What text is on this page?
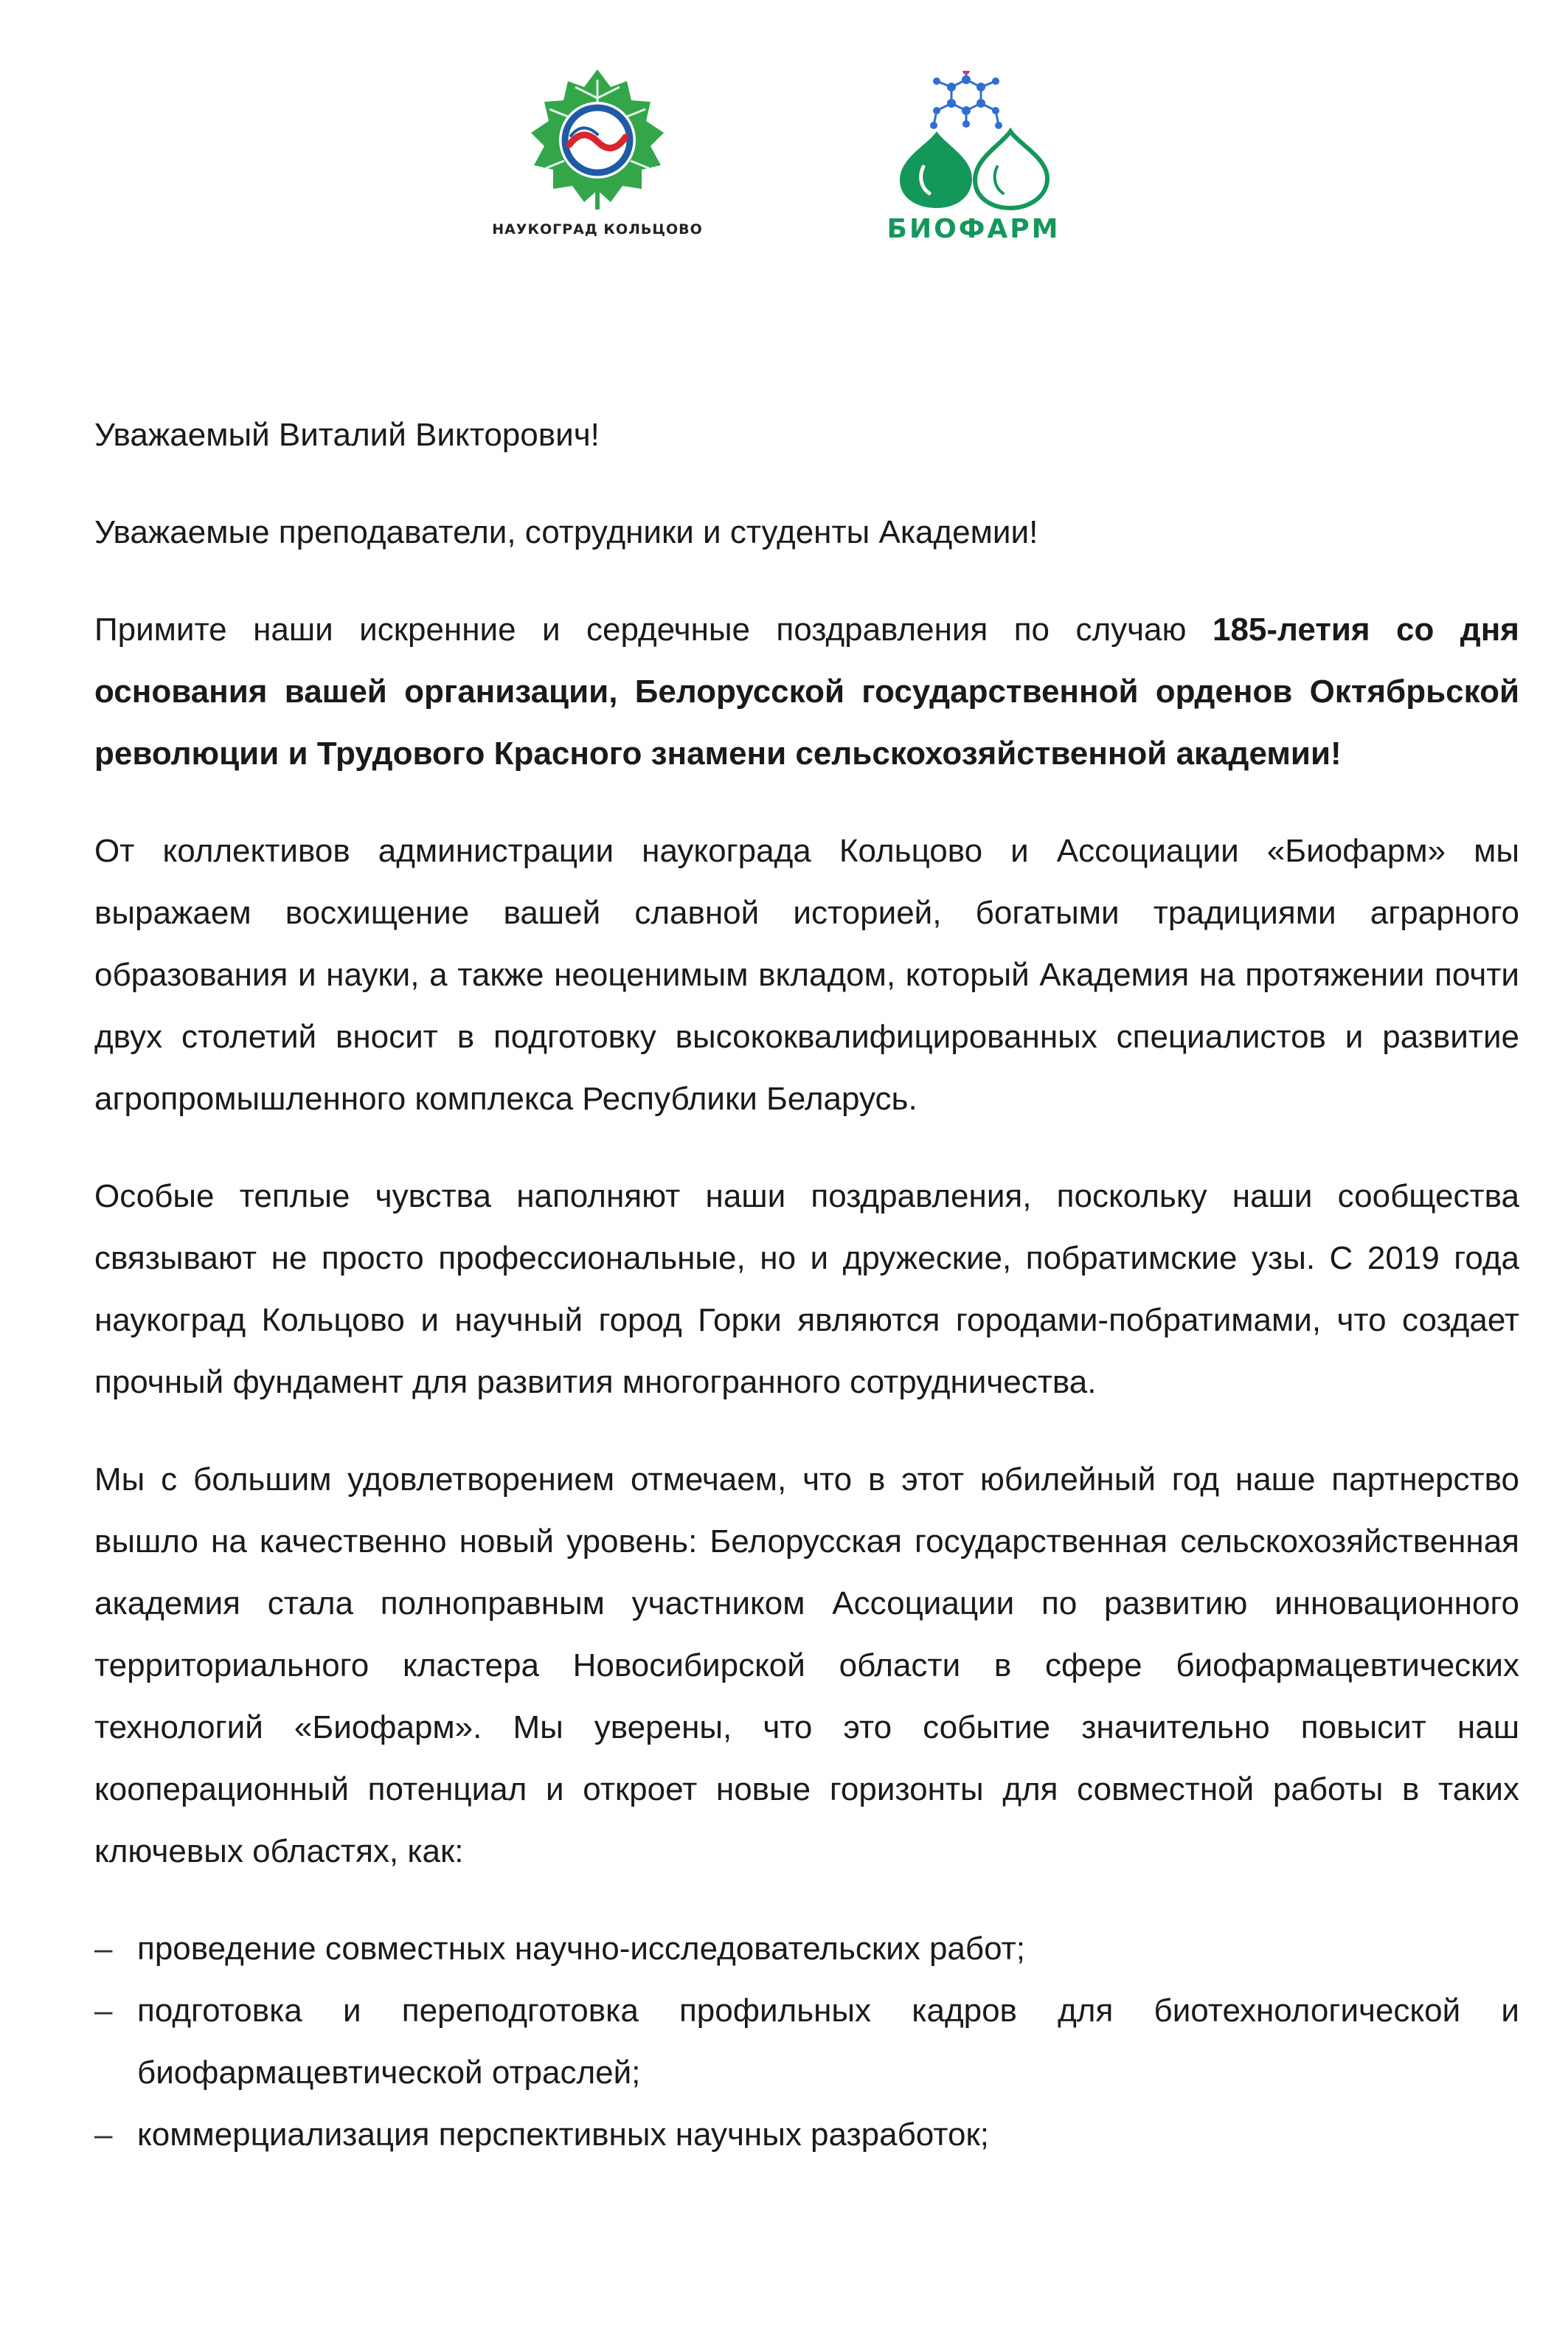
НАУКОГРАД КОЛЬЦОВО	БИОФАРМ

Уважаемый Виталий Викторович!

Уважаемые преподаватели, сотрудники и студенты Академии!

Примите наши искренние и сердечные поздравления по случаю 185-летия со дня основания вашей организации, Белорусской государственной орденов Октябрьской революции и Трудового Красного знамени сельскохозяйственной академии!

От коллективов администрации наукограда Кольцово и Ассоциации «Биофарм» мы выражаем восхищение вашей славной историей, богатыми традициями аграрного образования и науки, а также неоценимым вкладом, который Академия на протяжении почти двух столетий вносит в подготовку высококвалифицированных специалистов и развитие агропромышленного комплекса Республики Беларусь.

Особые теплые чувства наполняют наши поздравления, поскольку наши сообщества связывают не просто профессиональные, но и дружеские, побратимские узы. С 2019 года наукоград Кольцово и научный город Горки являются городами-побратимами, что создает прочный фундамент для развития многогранного сотрудничества.

Мы с большим удовлетворением отмечаем, что в этот юбилейный год наше партнерство вышло на качественно новый уровень: Белорусская государственная сельскохозяйственная академия стала полноправным участником Ассоциации по развитию инновационного территориального кластера Новосибирской области в сфере биофармацевтических технологий «Биофарм». Мы уверены, что это событие значительно повысит наш кооперационный потенциал и откроет новые горизонты для совместной работы в таких ключевых областях, как:

– проведение совместных научно-исследовательских работ;
– подготовка и переподготовка профильных кадров для биотехнологической и биофармацевтической отраслей;
– коммерциализация перспективных научных разработок;
